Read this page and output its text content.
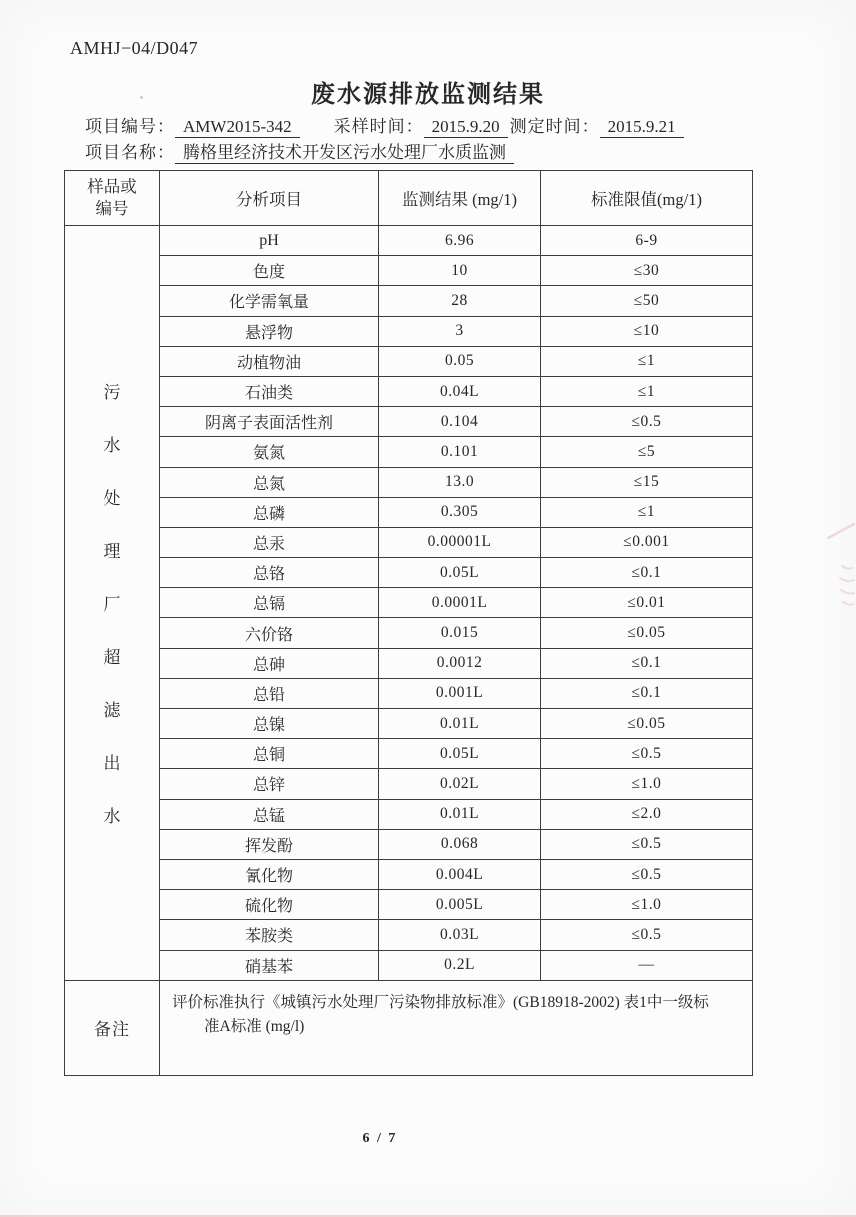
AMHJ−04/D047
废水源排放监测结果
项目编号： AMW2015-342 采样时间： 2015.9.20 测定时间： 2015.9.21
项目名称： 腾格里经济技术开发区污水处理厂水质监测
样品或
编号	分析项目	监测结果 (mg/1)	标准限值(mg/1)

污
水
处
理
厂
超
滤
出
水
	pH	6.96	6-9
	色度	10	≤30
	化学需氧量	28	≤50
	悬浮物	3	≤10
	动植物油	0.05	≤1
	石油类	0.04L	≤1
	阴离子表面活性剂	0.104	≤0.5
	氨氮	0.101	≤5
	总氮	13.0	≤15
	总磷	0.305	≤1
	总汞	0.00001L	≤0.001
	总铬	0.05L	≤0.1
	总镉	0.0001L	≤0.01
	六价铬	0.015	≤0.05
	总砷	0.0012	≤0.1
	总铅	0.001L	≤0.1
	总镍	0.01L	≤0.05
	总铜	0.05L	≤0.5
	总锌	0.02L	≤1.0
	总锰	0.01L	≤2.0
	挥发酚	0.068	≤0.5
	氰化物	0.004L	≤0.5
	硫化物	0.005L	≤1.0
	苯胺类	0.03L	≤0.5
	硝基苯	0.2L	—
备注	评价标准执行《城镇污水处理厂污染物排放标准》(GB18918-2002) 表1中一级标
准A标准 (mg/l)		
6 / 7
